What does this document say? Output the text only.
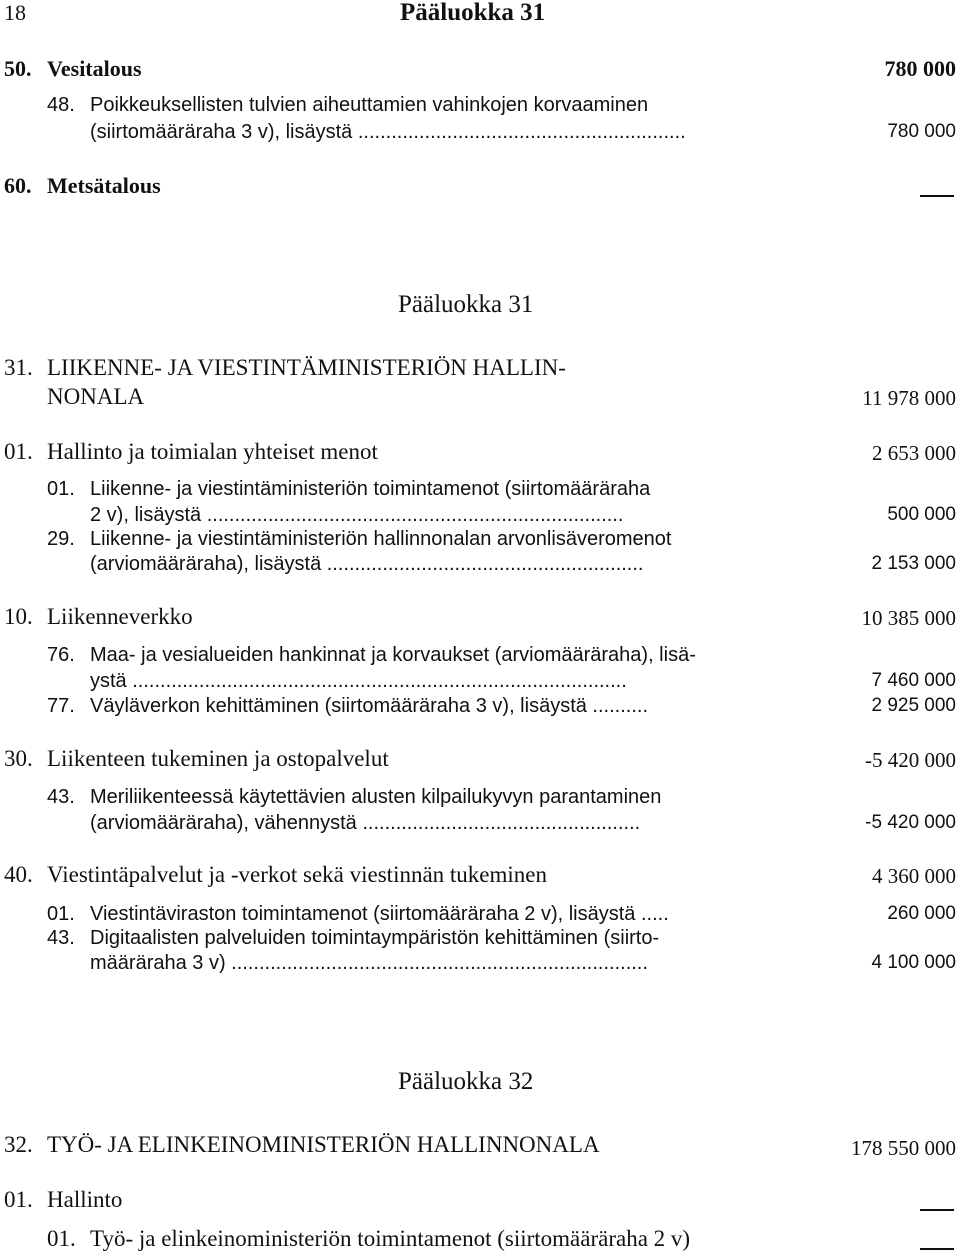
18	Pääluokka 31
50. Vesitalous	780 000
48. Poikkeuksellisten tulvien aiheuttamien vahinkojen korvaaminen
(siirtomääräraha 3 v), lisäystä ...........................................................	780 000
60. Metsätalous
Pääluokka 31
31. LIIKENNE- JA VIESTINTÄMINISTERIÖN HALLIN-
NONALA	11 978 000
01. Hallinto ja toimialan yhteiset menot	2 653 000
01. Liikenne- ja viestintäministeriön toimintamenot (siirtomääräraha
2 v), lisäystä ...........................................................................	500 000
29. Liikenne- ja viestintäministeriön hallinnonalan arvonlisäveromenot
(arviomääräraha), lisäystä .........................................................	2 153 000
10. Liikenneverkko	10 385 000
76. Maa- ja vesialueiden hankinnat ja korvaukset (arviomääräraha), lisä-
ystä .........................................................................................	7 460 000
77. Väyläverkon kehittäminen (siirtomääräraha 3 v), lisäystä ..........	2 925 000
30. Liikenteen tukeminen ja ostopalvelut	-5 420 000
43. Meriliikenteessä käytettävien alusten kilpailukyvyn parantaminen
(arviomääräraha), vähennystä ..................................................	-5 420 000
40. Viestintäpalvelut ja -verkot sekä viestinnän tukeminen	4 360 000
01. Viestintäviraston toimintamenot (siirtomääräraha 2 v), lisäystä .....	260 000
43. Digitaalisten palveluiden toimintaympäristön kehittäminen (siirto-
määräraha 3 v) ...........................................................................	4 100 000
Pääluokka 32
32. TYÖ- JA ELINKEINOMINISTERIÖN HALLINNONALA	178 550 000
01. Hallinto
01. Työ- ja elinkeinoministeriön toimintamenot (siirtomääräraha 2 v)
